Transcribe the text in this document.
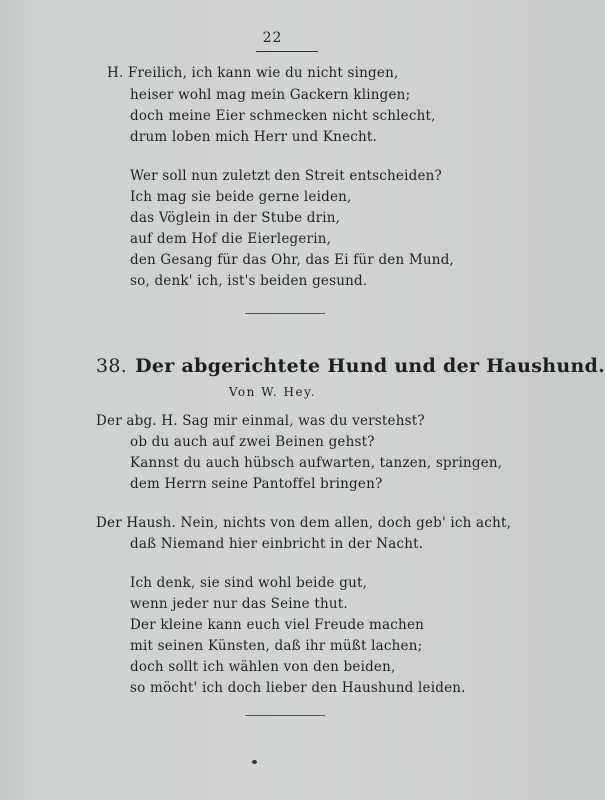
22
H. Freilich, ich kann wie du nicht singen,
heiser wohl mag mein Gackern klingen;
doch meine Eier schmecken nicht schlecht,
drum loben mich Herr und Knecht.
Wer soll nun zuletzt den Streit entscheiden?
Ich mag sie beide gerne leiden,
das Vöglein in der Stube drin,
auf dem Hof die Eierlegerin,
den Gesang für das Ohr, das Ei für den Mund,
so, denk' ich, ist's beiden gesund.
38. Der abgerichtete Hund und der Haushund.
Von W. Hey.
Der abg. H. Sag mir einmal, was du verstehst?
ob du auch auf zwei Beinen gehst?
Kannst du auch hübsch aufwarten, tanzen, springen,
dem Herrn seine Pantoffel bringen?
Der Haush. Nein, nichts von dem allen, doch geb' ich acht,
daß Niemand hier einbricht in der Nacht.
Ich denk, sie sind wohl beide gut,
wenn jeder nur das Seine thut.
Der kleine kann euch viel Freude machen
mit seinen Künsten, daß ihr müßt lachen;
doch sollt ich wählen von den beiden,
so möcht' ich doch lieber den Haushund leiden.
